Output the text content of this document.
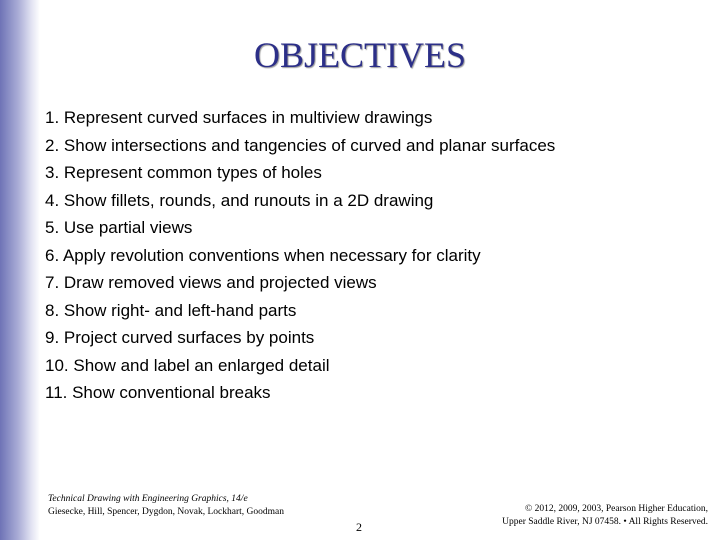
OBJECTIVES
1. Represent curved surfaces in multiview drawings
2. Show intersections and tangencies of curved and planar surfaces
3. Represent common types of holes
4. Show fillets, rounds, and runouts in a 2D drawing
5. Use partial views
6. Apply revolution conventions when necessary for clarity
7. Draw removed views and projected views
8. Show right- and left-hand parts
9. Project curved surfaces by points
10. Show and label an enlarged detail
11. Show conventional breaks
Technical Drawing with Engineering Graphics, 14/e
Giesecke, Hill, Spencer, Dygdon, Novak, Lockhart, Goodman
2
© 2012, 2009, 2003, Pearson Higher Education,
Upper Saddle River, NJ 07458. • All Rights Reserved.
